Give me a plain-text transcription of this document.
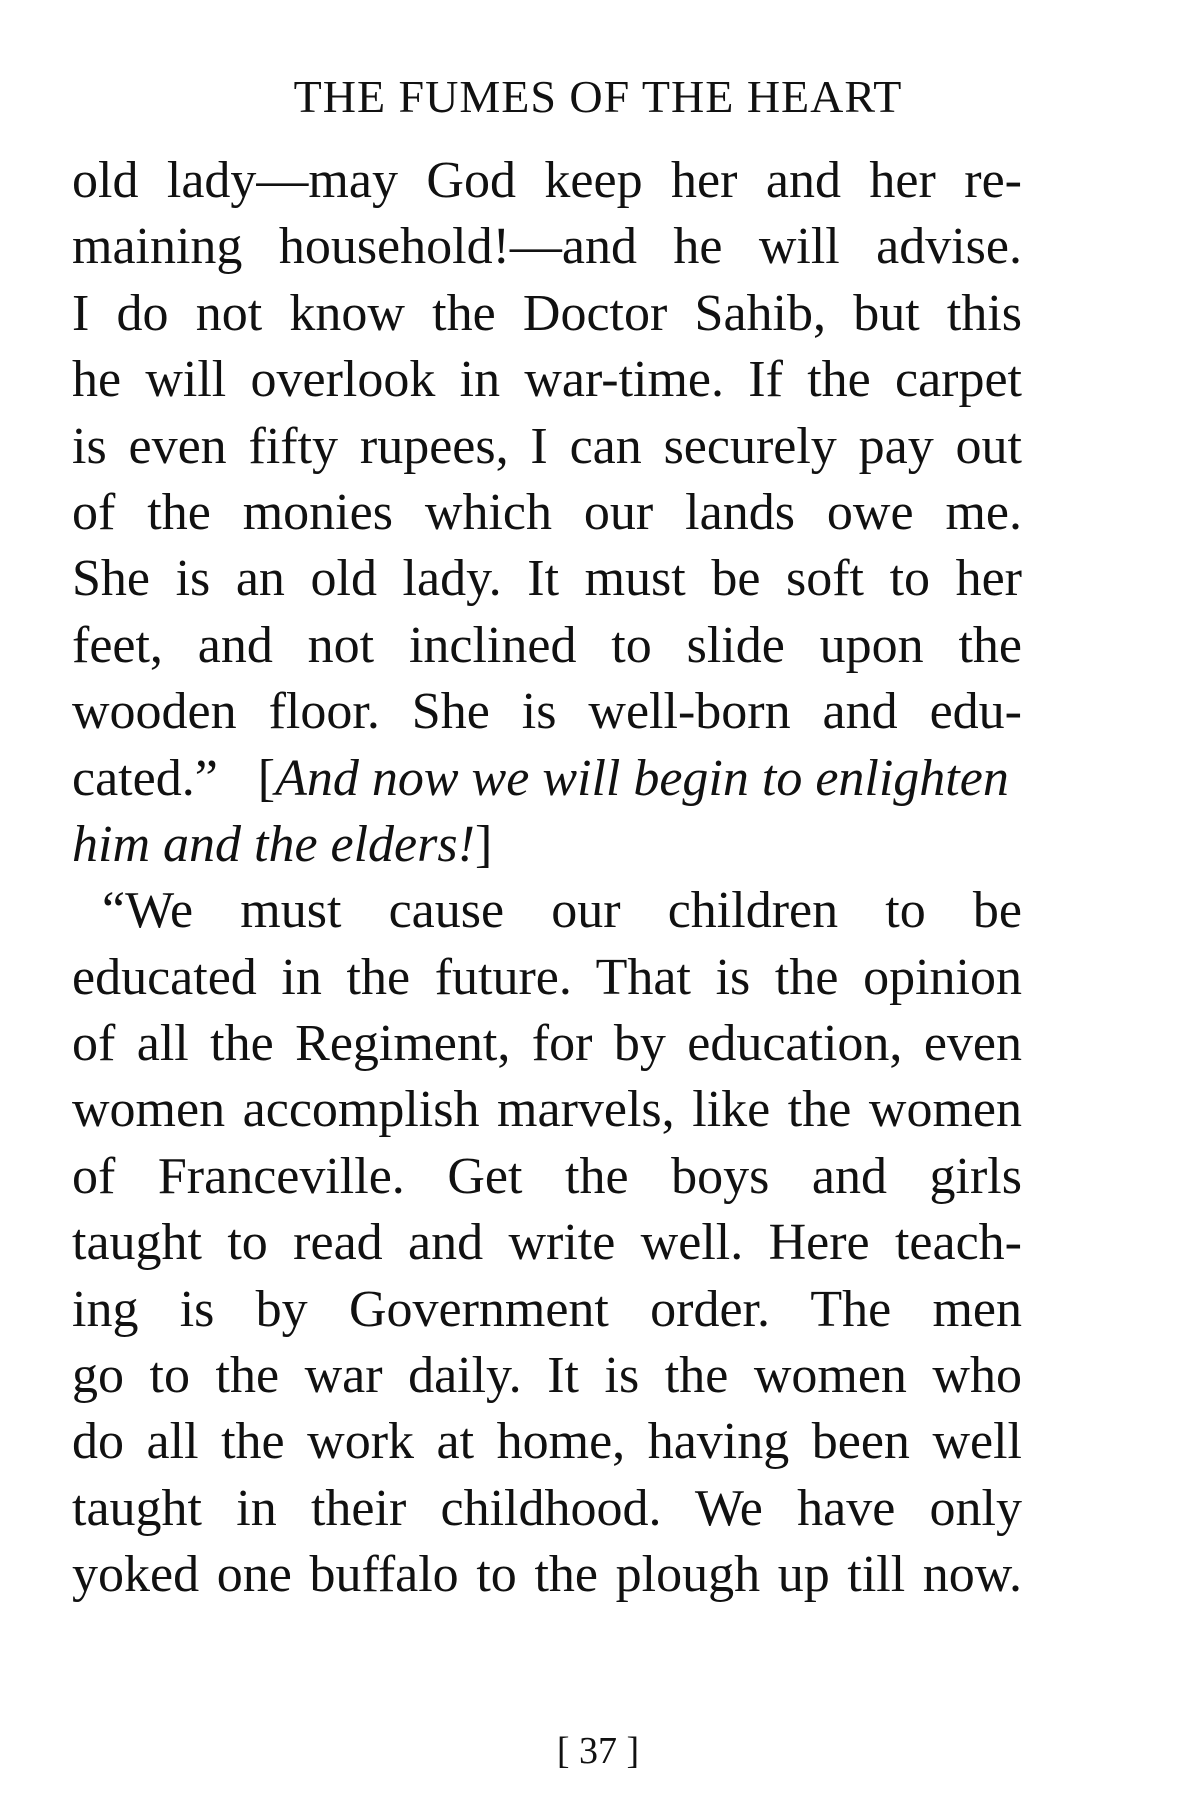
THE FUMES OF THE HEART
old lady—may God keep her and her re-
maining household!—and he will advise.
I do not know the Doctor Sahib, but this
he will overlook in war-time. If the carpet
is even fifty rupees, I can securely pay out
of the monies which our lands owe me.
She is an old lady. It must be soft to her
feet, and not inclined to slide upon the
wooden floor. She is well-born and edu-
cated.” [And now we will begin to enlighten
him and the elders!]
“We must cause our children to be
educated in the future. That is the opinion
of all the Regiment, for by education, even
women accomplish marvels, like the women
of Franceville. Get the boys and girls
taught to read and write well. Here teach-
ing is by Government order. The men
go to the war daily. It is the women who
do all the work at home, having been well
taught in their childhood. We have only
yoked one buffalo to the plough up till now.
[ 37 ]
